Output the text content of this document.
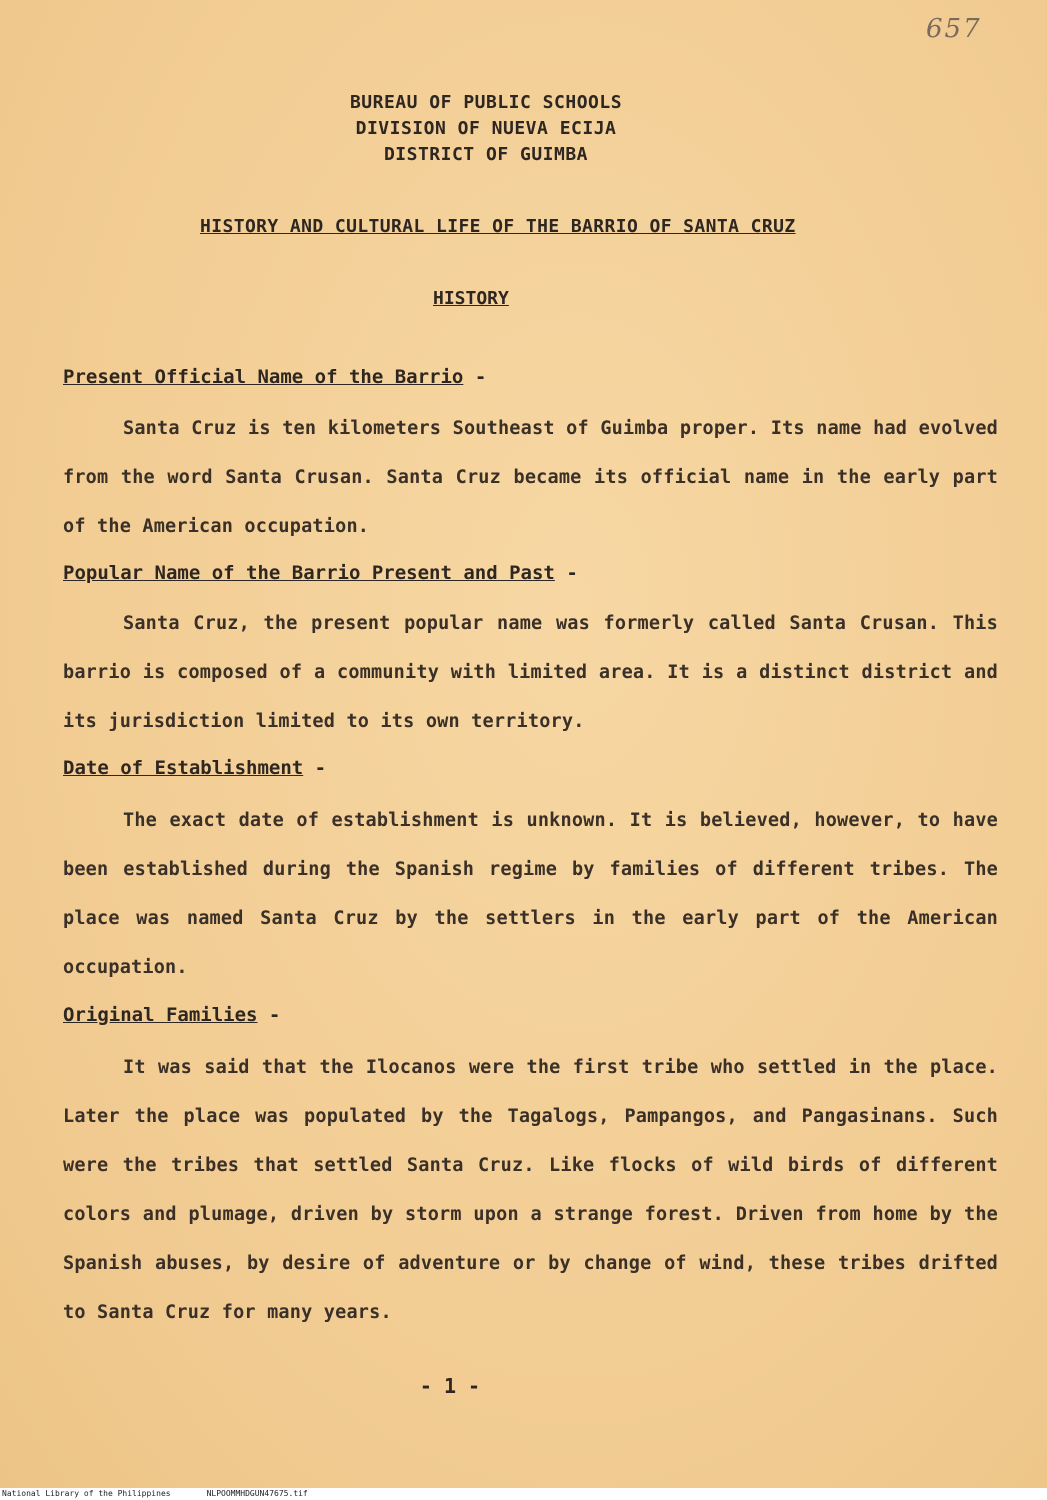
657
BUREAU OF PUBLIC SCHOOLS
DIVISION OF NUEVA ECIJA
DISTRICT OF GUIMBA
HISTORY AND CULTURAL LIFE OF THE BARRIO OF SANTA CRUZ
HISTORY
Present Official Name of the Barrio -
Santa Cruz is ten kilometers Southeast of Guimba proper. Its name had evolved from the word Santa Crusan. Santa Cruz became its official name in the early part of the American occupation.
Popular Name of the Barrio Present and Past -
Santa Cruz, the present popular name was formerly called Santa Crusan. This barrio is composed of a community with limited area. It is a distinct district and its jurisdiction limited to its own territory.
Date of Establishment -
The exact date of establishment is unknown. It is believed, however, to have been established during the Spanish regime by families of different tribes. The place was named Santa Cruz by the settlers in the early part of the American occupation.
Original Families -
It was said that the Ilocanos were the first tribe who settled in the place. Later the place was populated by the Tagalogs, Pampangos, and Pangasinans. Such were the tribes that settled Santa Cruz. Like flocks of wild birds of different colors and plumage, driven by storm upon a strange forest. Driven from home by the Spanish abuses, by desire of adventure or by change of wind, these tribes drifted to Santa Cruz for many years.
- 1 -
National Library of the Philippines	NLPOOMMHDGUN47675.tif
